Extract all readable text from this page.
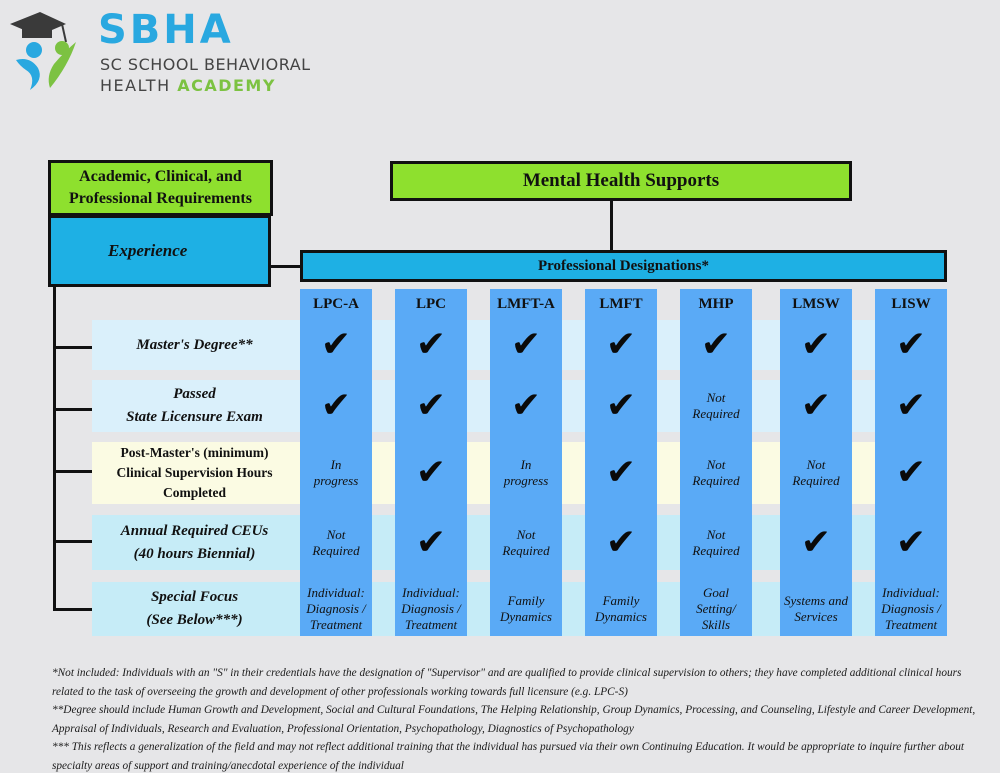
SBHA
SC SCHOOL BEHAVIORAL
HEALTH ACADEMY
Academic, Clinical, and
Professional Requirements
Mental Health Supports
Experience
Professional Designations*
Master's Degree**
Passed
State Licensure Exam
Post-Master's (minimum)
Clinical Supervision Hours
Completed
Annual Required CEUs
(40 hours Biennial)
Special Focus
(See Below***)
LPC-A
✔
✔
In
progress
Not
Required
Individual:
Diagnosis /
Treatment
LPC
✔
✔
✔
✔
Individual:
Diagnosis /
Treatment
LMFT-A
✔
✔
In
progress
Not
Required
Family
Dynamics
LMFT
✔
✔
✔
✔
Family
Dynamics
MHP
✔
Not
Required
Not
Required
Not
Required
Goal
Setting/
Skills
LMSW
✔
✔
Not
Required
✔
Systems and
Services
LISW
✔
✔
✔
✔
Individual:
Diagnosis /
Treatment
*Not included: Individuals with an "S" in their credentials have the designation of "Supervisor" and are qualified to provide clinical supervision to others; they have completed additional clinical hours related to the task of overseeing the growth and development of other professionals working towards full licensure (e.g. LPC-S)
**Degree should include Human Growth and Development, Social and Cultural Foundations, The Helping Relationship, Group Dynamics, Processing, and Counseling, Lifestyle and Career Development, Appraisal of Individuals, Research and Evaluation, Professional Orientation, Psychopathology, Diagnostics of Psychopathology
*** This reflects a generalization of the field and may not reflect additional training that the individual has pursued via their own Continuing Education. It would be appropriate to inquire further about specialty areas of support and training/anecdotal experience of the individual
